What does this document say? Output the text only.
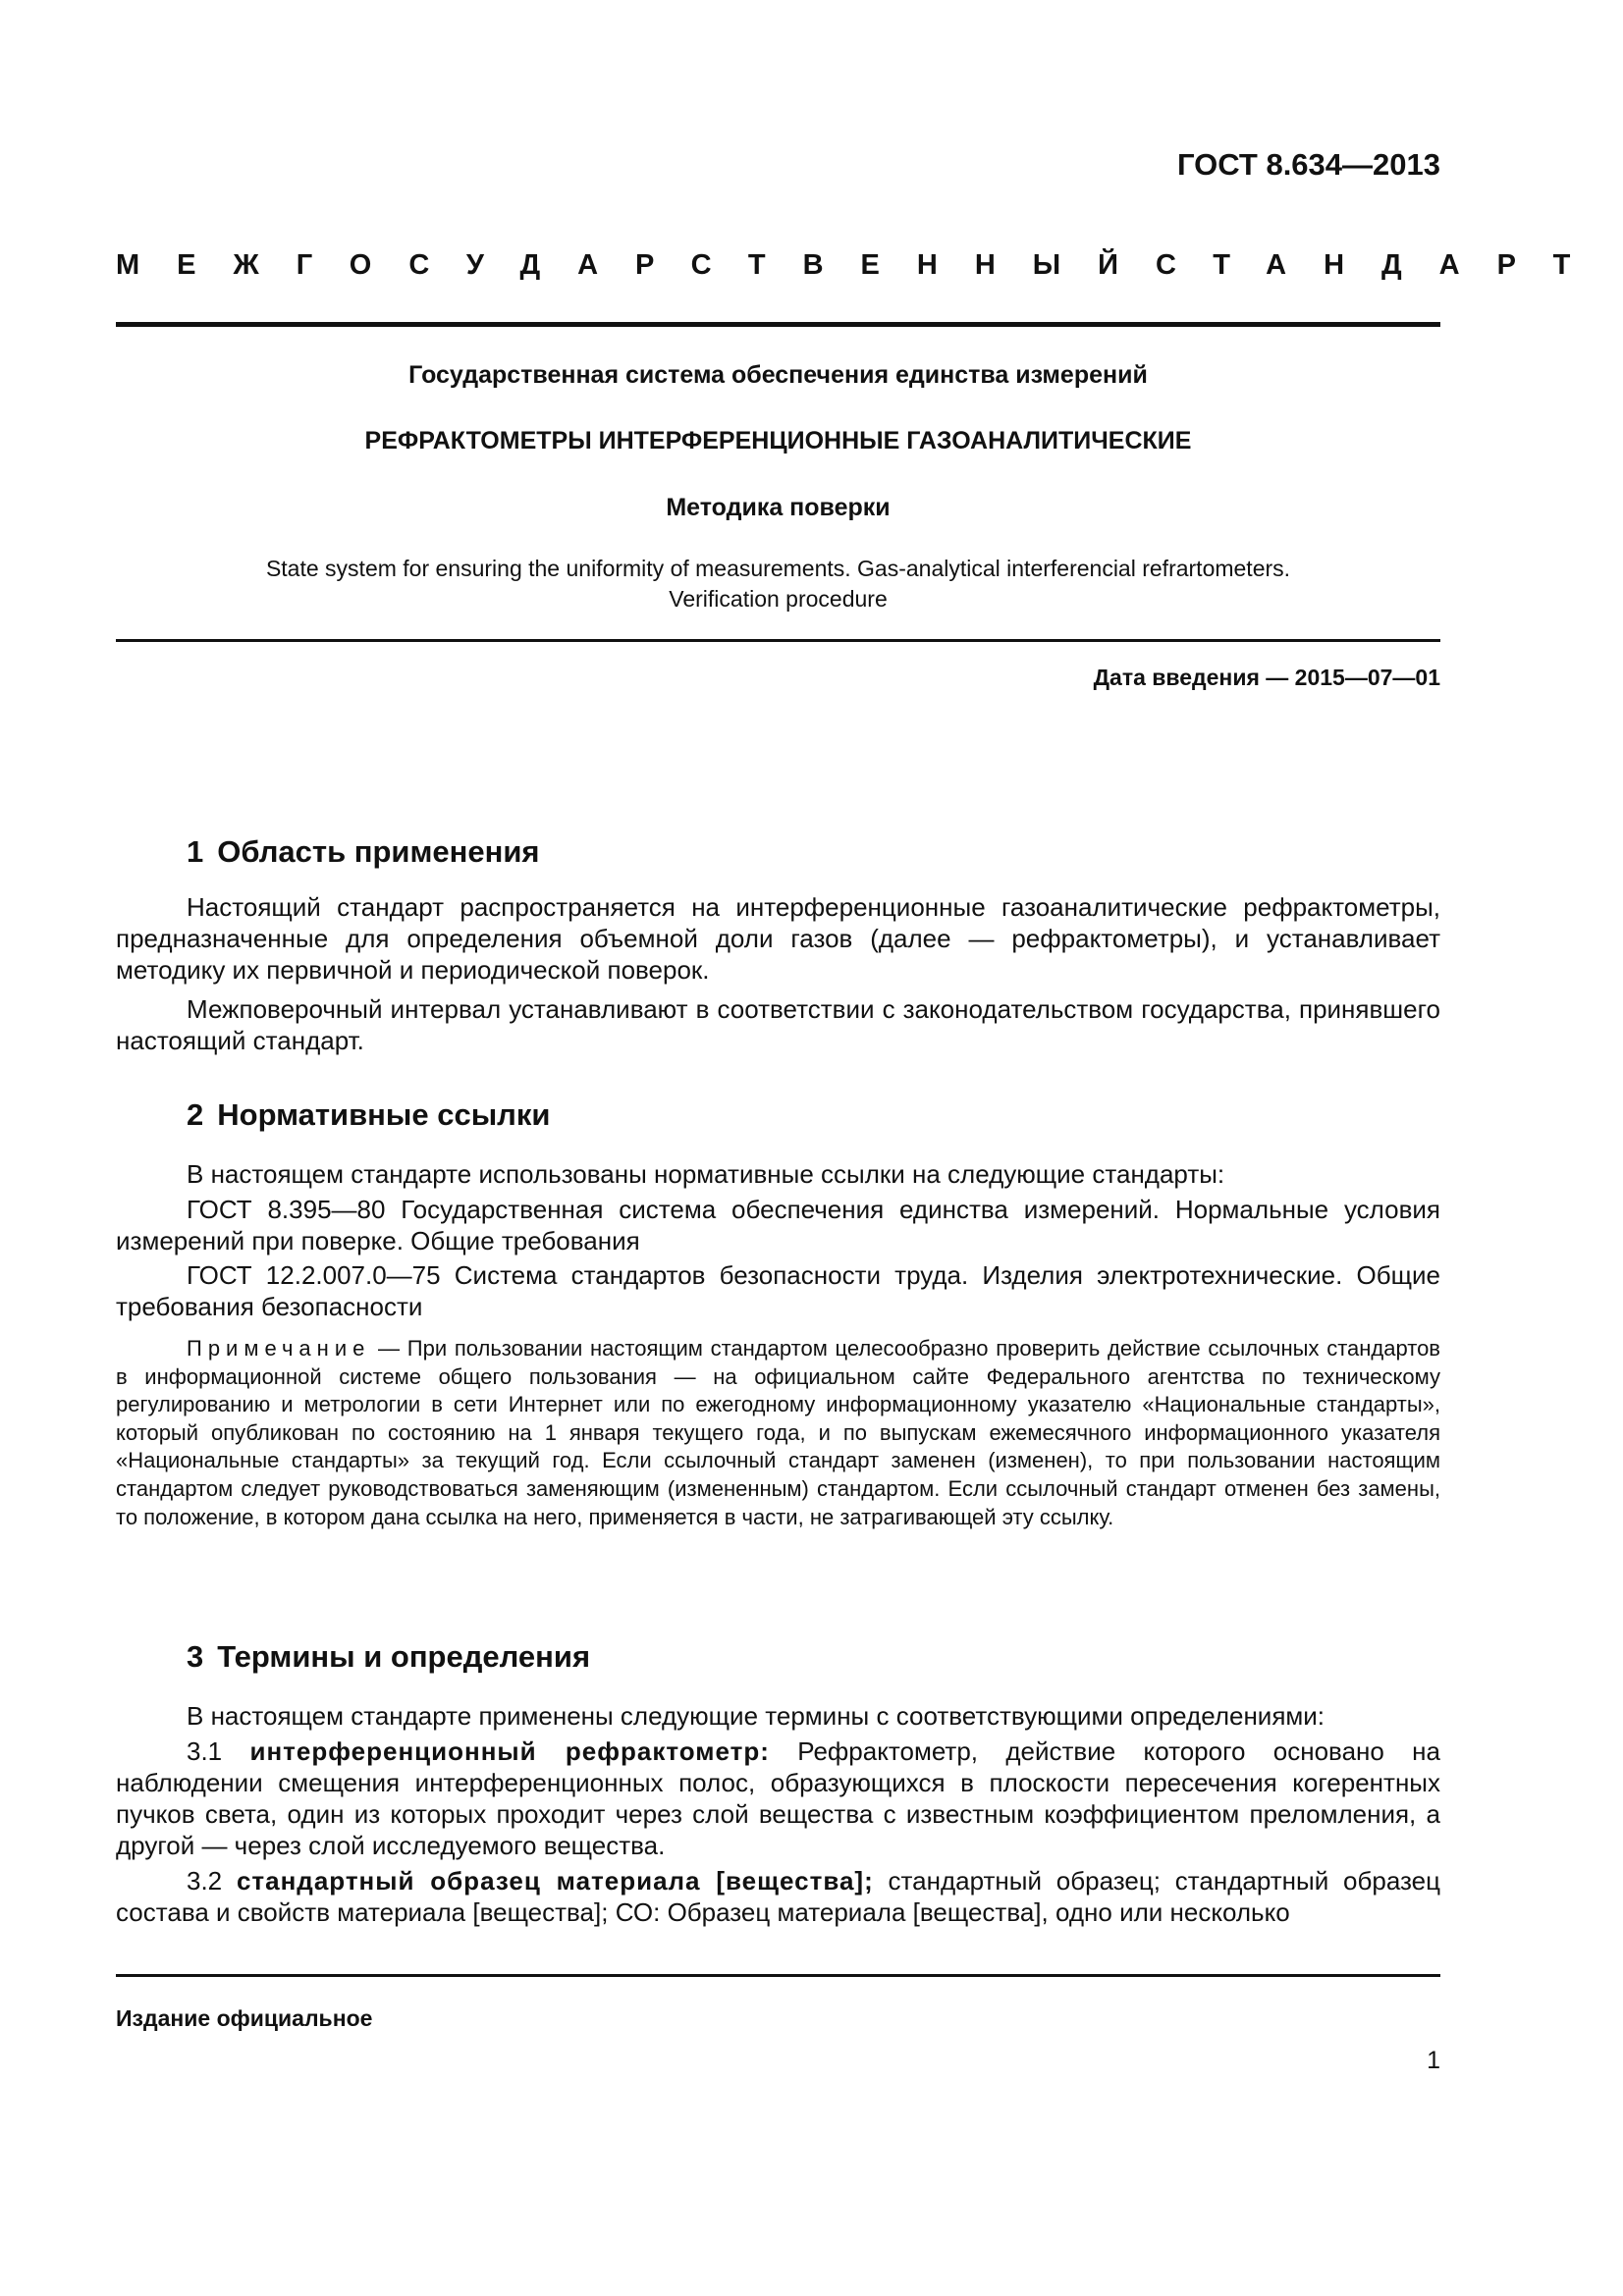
ГОСТ 8.634—2013
МЕЖГОСУДАРСТВЕННЫЙ СТАНДАРТ
Государственная система обеспечения единства измерений
РЕФРАКТОМЕТРЫ ИНТЕРФЕРЕНЦИОННЫЕ ГАЗОАНАЛИТИЧЕСКИЕ
Методика поверки
State system for ensuring the uniformity of measurements. Gas-analytical interferencial refrartometers.
Verification procedure
Дата введения — 2015—07—01
1 Область применения
Настоящий стандарт распространяется на интерференционные газоаналитические рефрактометры, предназначенные для определения объемной доли газов (далее — рефрактометры), и устанавливает методику их первичной и периодической поверок.
Межповерочный интервал устанавливают в соответствии с законодательством государства, принявшего настоящий стандарт.
2 Нормативные ссылки
В настоящем стандарте использованы нормативные ссылки на следующие стандарты:
ГОСТ 8.395—80 Государственная система обеспечения единства измерений. Нормальные условия измерений при поверке. Общие требования
ГОСТ 12.2.007.0—75 Система стандартов безопасности труда. Изделия электротехнические. Общие требования безопасности
Примечание — При пользовании настоящим стандартом целесообразно проверить действие ссылочных стандартов в информационной системе общего пользования — на официальном сайте Федерального агентства по техническому регулированию и метрологии в сети Интернет или по ежегодному информационному указателю «Национальные стандарты», который опубликован по состоянию на 1 января текущего года, и по выпускам ежемесячного информационного указателя «Национальные стандарты» за текущий год. Если ссылочный стандарт заменен (изменен), то при пользовании настоящим стандартом следует руководствоваться заменяющим (измененным) стандартом. Если ссылочный стандарт отменен без замены, то положение, в котором дана ссылка на него, применяется в части, не затрагивающей эту ссылку.
3 Термины и определения
В настоящем стандарте применены следующие термины с соответствующими определениями:
3.1 интерференционный рефрактометр: Рефрактометр, действие которого основано на наблюдении смещения интерференционных полос, образующихся в плоскости пересечения когерентных пучков света, один из которых проходит через слой вещества с известным коэффициентом преломления, а другой — через слой исследуемого вещества.
3.2 стандартный образец материала [вещества]; стандартный образец; стандартный образец состава и свойств материала [вещества]; СО: Образец материала [вещества], одно или несколько
Издание официальное
1
